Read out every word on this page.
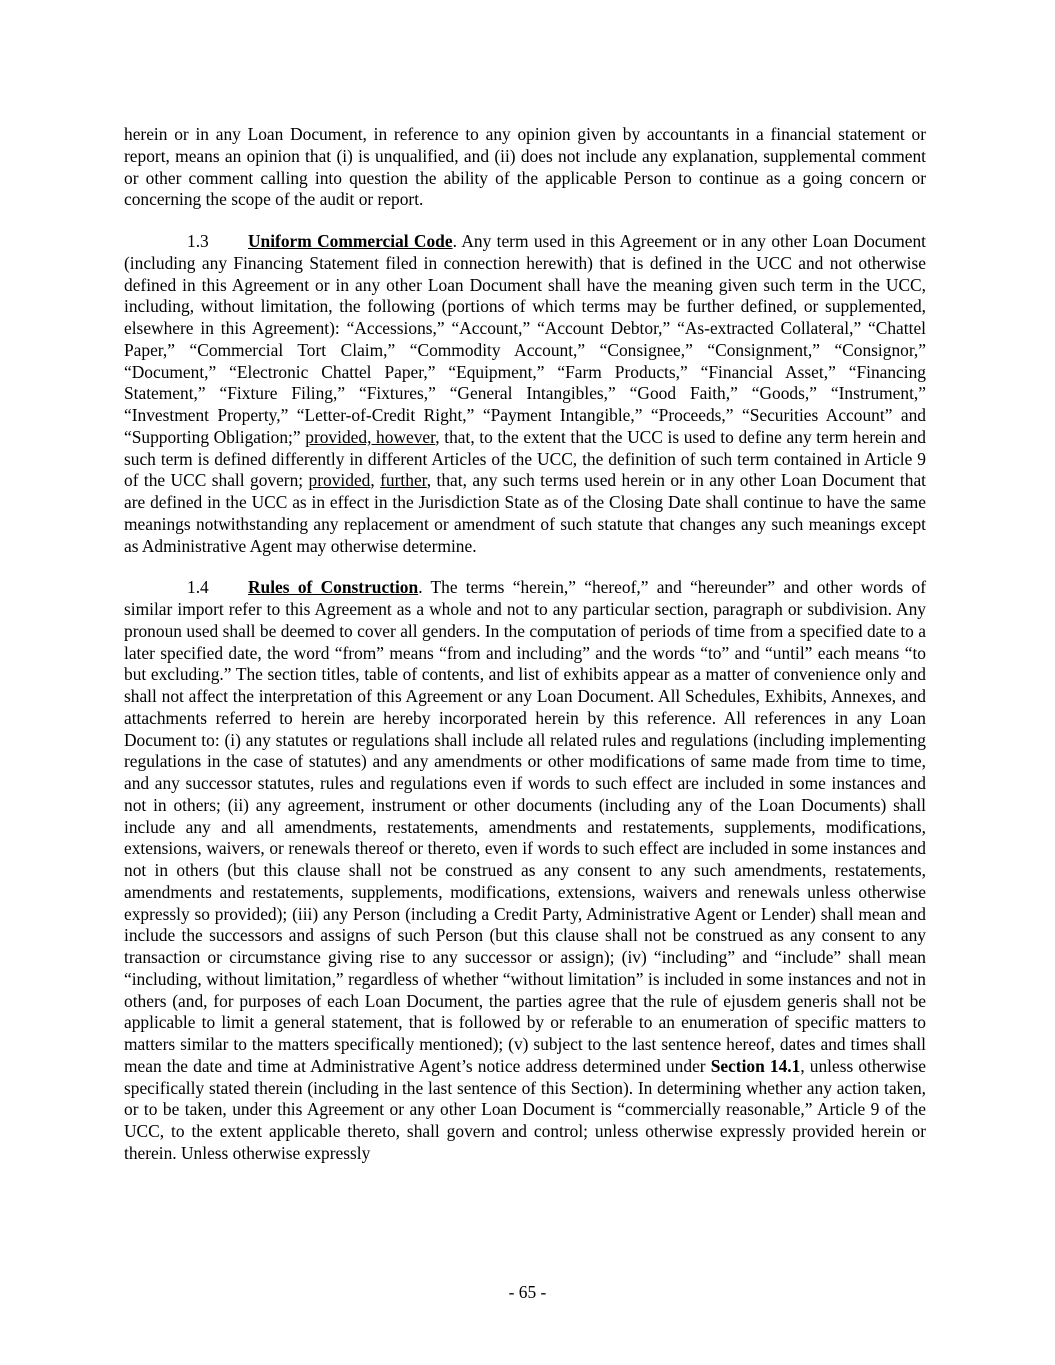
herein or in any Loan Document, in reference to any opinion given by accountants in a financial statement or report, means an opinion that (i) is unqualified, and (ii) does not include any explanation, supplemental comment or other comment calling into question the ability of the applicable Person to continue as a going concern or concerning the scope of the audit or report.

1.3 Uniform Commercial Code. Any term used in this Agreement or in any other Loan Document (including any Financing Statement filed in connection herewith) that is defined in the UCC and not otherwise defined in this Agreement or in any other Loan Document shall have the meaning given such term in the UCC, including, without limitation, the following (portions of which terms may be further defined, or supplemented, elsewhere in this Agreement): “Accessions,” “Account,” “Account Debtor,” “As-extracted Collateral,” “Chattel Paper,” “Commercial Tort Claim,” “Commodity Account,” “Consignee,” “Consignment,” “Consignor,” “Document,” “Electronic Chattel Paper,” “Equipment,” “Farm Products,” “Financial Asset,” “Financing Statement,” “Fixture Filing,” “Fixtures,” “General Intangibles,” “Good Faith,” “Goods,” “Instrument,” “Investment Property,” “Letter-of-Credit Right,” “Payment Intangible,” “Proceeds,” “Securities Account” and “Supporting Obligation;” provided, however, that, to the extent that the UCC is used to define any term herein and such term is defined differently in different Articles of the UCC, the definition of such term contained in Article 9 of the UCC shall govern; provided, further, that, any such terms used herein or in any other Loan Document that are defined in the UCC as in effect in the Jurisdiction State as of the Closing Date shall continue to have the same meanings notwithstanding any replacement or amendment of such statute that changes any such meanings except as Administrative Agent may otherwise determine.

1.4 Rules of Construction. The terms “herein,” “hereof,” and “hereunder” and other words of similar import refer to this Agreement as a whole and not to any particular section, paragraph or subdivision. Any pronoun used shall be deemed to cover all genders. In the computation of periods of time from a specified date to a later specified date, the word “from” means “from and including” and the words “to” and “until” each means “to but excluding.” The section titles, table of contents, and list of exhibits appear as a matter of convenience only and shall not affect the interpretation of this Agreement or any Loan Document. All Schedules, Exhibits, Annexes, and attachments referred to herein are hereby incorporated herein by this reference. All references in any Loan Document to: (i) any statutes or regulations shall include all related rules and regulations (including implementing regulations in the case of statutes) and any amendments or other modifications of same made from time to time, and any successor statutes, rules and regulations even if words to such effect are included in some instances and not in others; (ii) any agreement, instrument or other documents (including any of the Loan Documents) shall include any and all amendments, restatements, amendments and restatements, supplements, modifications, extensions, waivers, or renewals thereof or thereto, even if words to such effect are included in some instances and not in others (but this clause shall not be construed as any consent to any such amendments, restatements, amendments and restatements, supplements, modifications, extensions, waivers and renewals unless otherwise expressly so provided); (iii) any Person (including a Credit Party, Administrative Agent or Lender) shall mean and include the successors and assigns of such Person (but this clause shall not be construed as any consent to any transaction or circumstance giving rise to any successor or assign); (iv) “including” and “include” shall mean “including, without limitation,” regardless of whether “without limitation” is included in some instances and not in others (and, for purposes of each Loan Document, the parties agree that the rule of ejusdem generis shall not be applicable to limit a general statement, that is followed by or referable to an enumeration of specific matters to matters similar to the matters specifically mentioned); (v) subject to the last sentence hereof, dates and times shall mean the date and time at Administrative Agent’s notice address determined under Section 14.1, unless otherwise specifically stated therein (including in the last sentence of this Section). In determining whether any action taken, or to be taken, under this Agreement or any other Loan Document is “commercially reasonable,” Article 9 of the UCC, to the extent applicable thereto, shall govern and control; unless otherwise expressly provided herein or therein. Unless otherwise expressly

- 65 -
